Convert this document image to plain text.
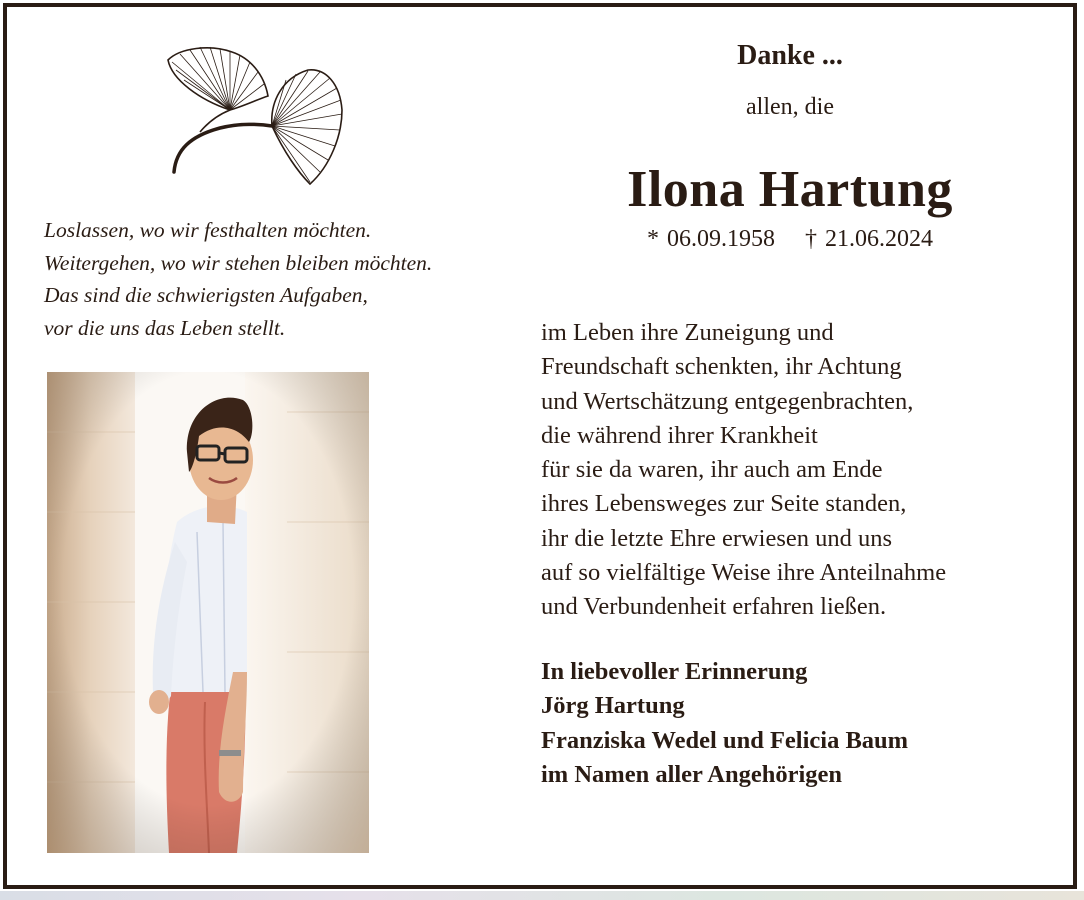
Loslassen, wo wir festhalten möchten.
Weitergehen, wo wir stehen bleiben möchten.
Das sind die schwierigsten Aufgaben,
vor die uns das Leben stellt.
Danke ...
allen, die
Ilona Hartung
* 06.09.1958 † 21.06.2024
im Leben ihre Zuneigung und
Freundschaft schenkten, ihr Achtung
und Wertschätzung entgegenbrachten,
die während ihrer Krankheit
für sie da waren, ihr auch am Ende
ihres Lebensweges zur Seite standen,
ihr die letzte Ehre erwiesen und uns
auf so vielfältige Weise ihre Anteilnahme
und Verbundenheit erfahren ließen.
In liebevoller Erinnerung
Jörg Hartung
Franziska Wedel und Felicia Baum
im Namen aller Angehörigen
